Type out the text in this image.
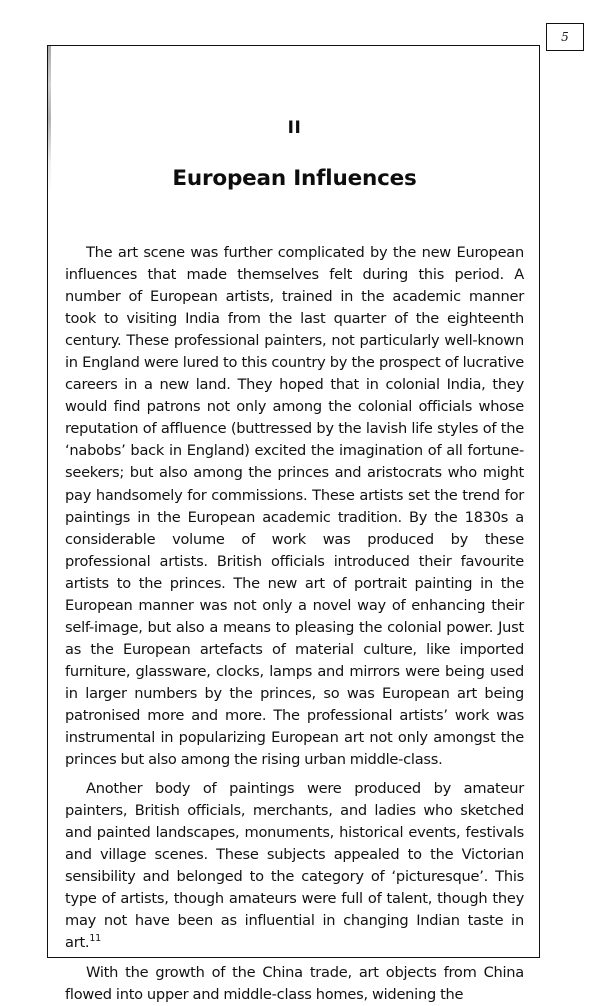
5
II
European Influences

The art scene was further complicated by the new European influences that made themselves felt during this period. A number of European artists, trained in the academic manner took to visiting India from the last quarter of the eighteenth century. These professional painters, not particularly well-known in England were lured to this country by the prospect of lucrative careers in a new land. They hoped that in colonial India, they would find patrons not only among the colonial officials whose reputation of affluence (buttressed by the lavish life styles of the ‘nabobs’ back in England) excited the imagination of all fortune-seekers; but also among the princes and aristocrats who might pay handsomely for commissions. These artists set the trend for paintings in the European academic tradition. By the 1830s a considerable volume of work was produced by these professional artists. British officials introduced their favourite artists to the princes. The new art of portrait painting in the European manner was not only a novel way of enhancing their self-image, but also a means to pleasing the colonial power. Just as the European artefacts of material culture, like imported furniture, glassware, clocks, lamps and mirrors were being used in larger numbers by the princes, so was European art being patronised more and more. The professional artists’ work was instrumental in popularizing European art not only amongst the princes but also among the rising urban middle-class.

Another body of paintings were produced by amateur painters, British officials, merchants, and ladies who sketched and painted landscapes, monuments, historical events, festivals and village scenes. These subjects appealed to the Victorian sensibility and belonged to the category of ‘picturesque’. This type of artists, though amateurs were full of talent, though they may not have been as influential in changing Indian taste in art.$^{11}$

With the growth of the China trade, art objects from China flowed into upper and middle-class homes, widening the
